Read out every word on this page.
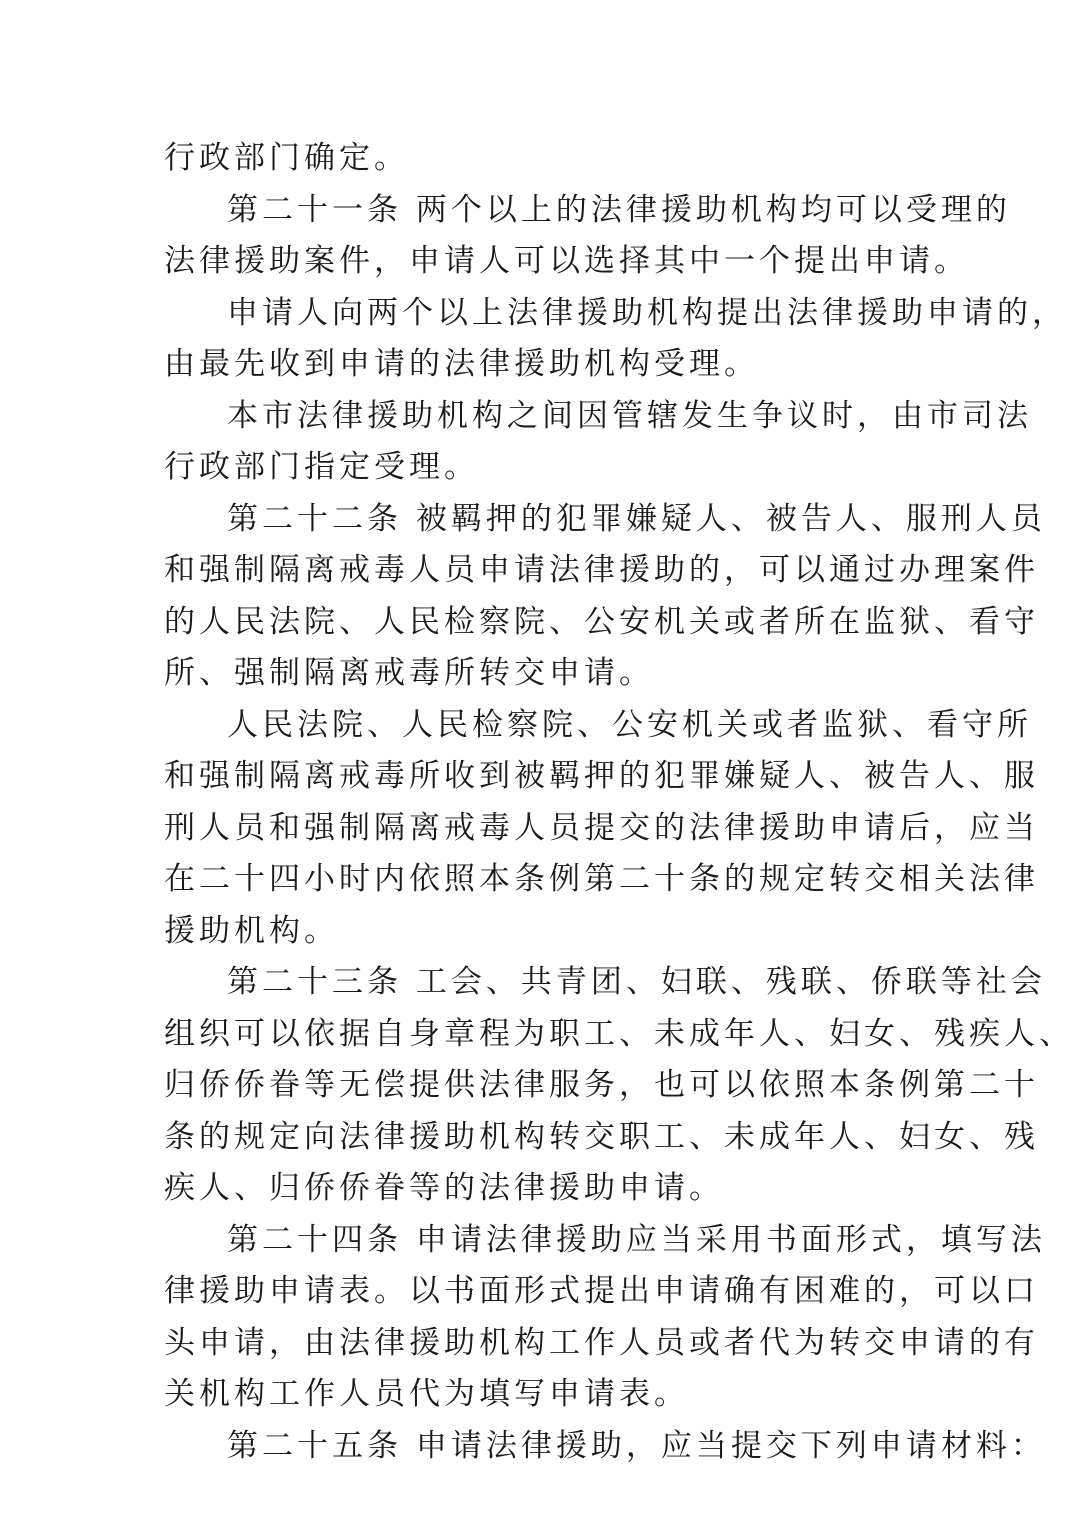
行政部门确定。
第二十一条 两个以上的法律援助机构均可以受理的
法律援助案件，申请人可以选择其中一个提出申请。
申请人向两个以上法律援助机构提出法律援助申请的，
由最先收到申请的法律援助机构受理。
本市法律援助机构之间因管辖发生争议时，由市司法
行政部门指定受理。
第二十二条 被羁押的犯罪嫌疑人、被告人、服刑人员
和强制隔离戒毒人员申请法律援助的，可以通过办理案件
的人民法院、人民检察院、公安机关或者所在监狱、看守
所、强制隔离戒毒所转交申请。
人民法院、人民检察院、公安机关或者监狱、看守所
和强制隔离戒毒所收到被羁押的犯罪嫌疑人、被告人、服
刑人员和强制隔离戒毒人员提交的法律援助申请后，应当
在二十四小时内依照本条例第二十条的规定转交相关法律
援助机构。
第二十三条 工会、共青团、妇联、残联、侨联等社会
组织可以依据自身章程为职工、未成年人、妇女、残疾人、
归侨侨眷等无偿提供法律服务，也可以依照本条例第二十
条的规定向法律援助机构转交职工、未成年人、妇女、残
疾人、归侨侨眷等的法律援助申请。
第二十四条 申请法律援助应当采用书面形式，填写法
律援助申请表。以书面形式提出申请确有困难的，可以口
头申请，由法律援助机构工作人员或者代为转交申请的有
关机构工作人员代为填写申请表。
第二十五条 申请法律援助，应当提交下列申请材料：
